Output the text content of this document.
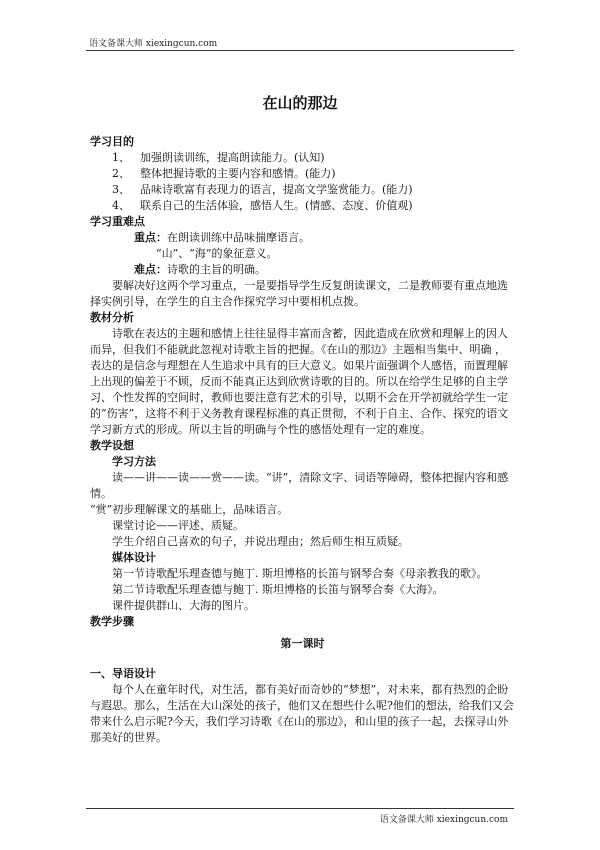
语文备课大师 xiexingcun.com
在山的那边

学习目的

1、 加强朗读训练，提高朗读能力。(认知)

2、 整体把握诗歌的主要内容和感情。(能力)

3、 品味诗歌富有表现力的语言，提高文学鉴赏能力。(能力)

4、 联系自己的生活体验，感悟人生。(情感、态度、价值观)

学习重难点

重点：在朗读训练中品味揣摩语言。

“山”、“海”的象征意义。

难点：诗歌的主旨的明确。

要解决好这两个学习重点，一是要指导学生反复朗读课文，二是教师要有重点地选择实例引导，在学生的自主合作探究学习中要相机点拨。

教材分析

诗歌在表达的主题和感情上往往显得丰富而含蓄，因此造成在欣赏和理解上的因人而异，但我们不能就此忽视对诗歌主旨的把握。《在山的那边》主题相当集中、明确 ，表达的是信念与理想在人生追求中具有的巨大意义。如果片面强调个人感悟，而置理解上出现的偏差于不顾，反而不能真正达到欣赏诗歌的目的。所以在给学生足够的自主学习、个性发挥的空间时，教师也要注意有艺术的引导，以期不会在开学初就给学生一定的“伤害”，这将不利于义务教育课程标准的真正贯彻，不利于自主、合作、探究的语文学习新方式的形成。所以主旨的明确与个性的感悟处理有一定的难度。

教学设想

学习方法

读——讲——读——赏——读。“讲”，清除文字、词语等障碍，整体把握内容和感情。

“赏”初步理解课文的基础上，品味语言。

课堂讨论——评述、质疑。

学生介绍自己喜欢的句子，并说出理由；然后师生相互质疑。

媒体设计

第一节诗歌配乐理查德与鲍丁. 斯坦博格的长笛与钢琴合奏《母亲教我的歌》。

第二节诗歌配乐理查德与鲍丁. 斯坦博格的长笛与钢琴合奏《大海》。

课件提供群山、大海的图片。

教学步骤

第一课时

一、导语设计

每个人在童年时代，对生活，都有美好而奇妙的“梦想”，对未来，都有热烈的企盼与遐思。那么，生活在大山深处的孩子，他们又在想些什么呢?他们的想法，给我们又会带来什么启示呢?今天，我们学习诗歌《在山的那边》，和山里的孩子一起，去探寻山外那美好的世界。

语文备课大师 xiexingcun.com
